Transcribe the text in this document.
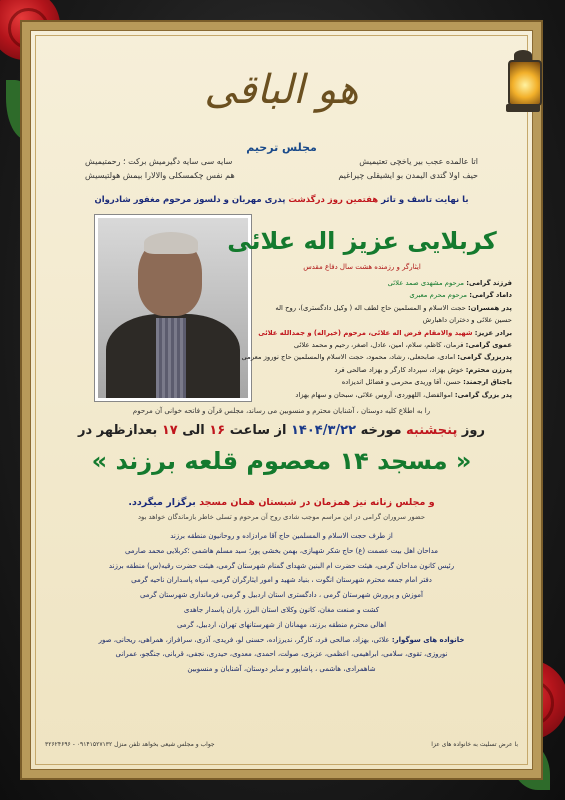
هو الباقی
مجلس ترحیم
اتا عالمده عجب بیر یاخچی تعتیمیش
سایه سی سایه دگیرمیش برکت ؛ رحمتیمیش
حیف اولا گتدی الیمدن بو ایشیقلی چیراغیم
هم نفس چکمسکلی والالارا بیمش هولتیسیش
با نهایت تاسف و تاثر هفتمین روز درگذشت پدری مهربان و دلسوز مرحوم مغفور شادروان
کربلایی عزیز اله علائی
ایثارگر و رزمنده هشت سال دفاع مقدس
فرزند گرامی: مرحوم مشهدی صمد علائی
داماد گرامی: مرحوم محرم معبری
پدر همسران: حجت الاسلام و المسلمین حاج لطف اله ( وکیل دادگستری)، روح اله
حسین علائی و دختران داهبارش
برادر عزیز: شهید والامقام فرض اله علائی، مرحوم (خیراله) و جمدالله علائی
عموی گرامی: فرمان، کاظم، سلام، امین، عادل، اصغر، رحیم و محمد علائی
پدربزرگ گرامی: امادی، صابحعلی، رشاد، محمود، حجت الاسلام والمسلمین حاج نوروز معرمی
پدرزن محترم: خوش بهزاد، سپرداد کارگر و بهزاد صالحی فرد
باجناق ارجمند: حسن، آقا وریدی محرمی و فضائل اندیزاده
پدر بزرگ گرامی: اموالفضل، اللهوردی، آروس علائی، سبحان و سهام بهزاد
را به اطلاع کلیه دوستان ، آشنایان محترم و منسوبین می رساند، مجلس قرآن و فاتحه خوانی آن مرحوم
روز پنجشنبه مورخه ۱۴۰۴/۳/۲۲ از ساعت ۱۶ الی ۱۷ بعدازظهر در
« مسجد ۱۴ معصوم قلعه برزند »
و مجلس زنانه نیز همزمان در شبستان همان مسجد برگزار میگردد.
حضور سروران گرامی در این مراسم موجب شادی روح آن مرحوم و تسلی خاطر بازماندگان خواهد بود
از طرف حجت الاسلام و المسلمین حاج آقا مرادزاده و روحانیون منطقه برزند
مداحان اهل بیت عصمت (ع) حاج شکر شهبازی، بهمن بخشی پور؛ سید مسلم هاشمی ؛کربلایی محمد صارمی
رئیس کانون مداحان گرمی، هیئت حضرت ام البنین شهدای گمنام شهرستان گرمی، هیئت حضرت رقیه(س) منطقه برزند
دفتر امام جمعه محترم شهرستان انگوت ، بنیاد شهید و امور ایثارگران گرمی، سپاه پاسداران ناحیه گرمی
آموزش و پرورش شهرستان گرمی ، دادگستری استان اردبیل و گرمی، فرمانداری شهرستان گرمی
کشت و صنعت مغان، کانون وکلای استان البرز، یاران پاسدار جاهدی
اهالی محترم منطقه برزند، مهمانان از شهرستانهای تهران، اردبیل، گرمی
خانواده های سوگوار: علائی، بهزاد، صالحی فرد، کارگر، ندیرزاده، حسنی لو، فریدی، آذری، سرافراز، همراهی، ریحانی، صور
نوروزی، تقوی، سلامی، ابراهیمی، اعظمی، عزیزی، صولت، احمدی، معدوی، حیدری، نجفی، قربانی، جنگجو، عمرانی
شاهمرادی، هاشمی ، پاشاپور و سایر دوستان، آشنایان و منسوبین
با عرض تسلیت به خانواده های عزا
جواب و مجلس شیعی بخواهد تلفن منزل ۰۹۱۴۱۵۲۷۱۳۲ - ۳۲۶۲۴۶۹۶
